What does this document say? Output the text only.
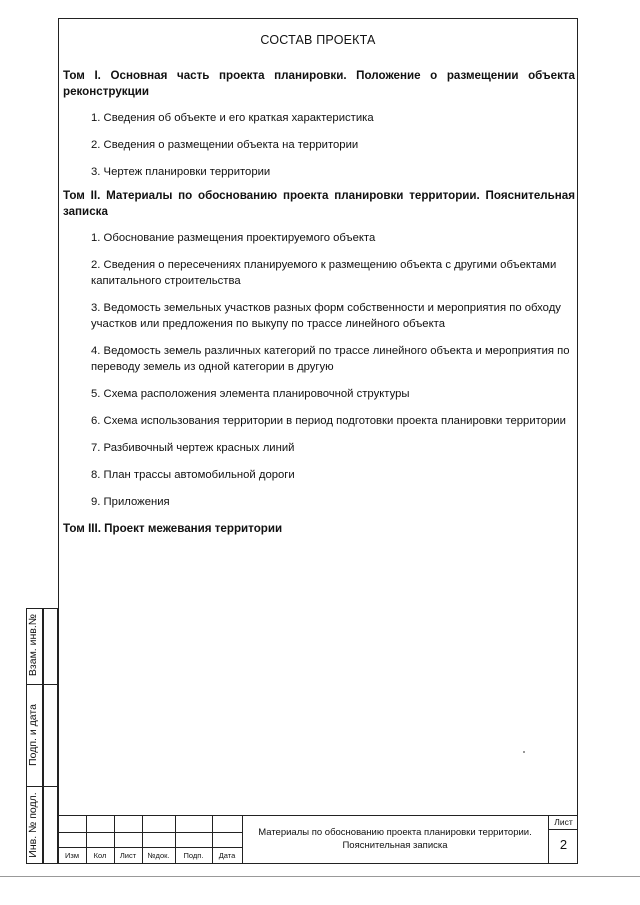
СОСТАВ ПРОЕКТА
Том I. Основная часть проекта планировки. Положение о размещении объекта реконструкции
1. Сведения об объекте и его краткая характеристика
2. Сведения о размещении объекта на территории
3. Чертеж планировки территории
Том II. Материалы по обоснованию проекта планировки территории. Пояснительная записка
1. Обоснование размещения проектируемого объекта
2. Сведения о пересечениях планируемого к размещению объекта с другими объектами капитального строительства
3. Ведомость земельных участков разных форм собственности и мероприятия по обходу участков или предложения по выкупу по трассе линейного объекта
4. Ведомость земель различных категорий по трассе линейного объекта и мероприятия по переводу земель из одной категории в другую
5. Схема расположения элемента планировочной структуры
6. Схема использования территории в период подготовки проекта планировки территории
7. Разбивочный чертеж красных линий
8. План трассы автомобильной дороги
9. Приложения
Том III. Проект межевания территории
Взам. инв.№
Подп. и дата
Инв. № подл.	Изм	Кол	Лист	№док.	Подп.	Дата
Материалы по обоснованию проекта планировки территории.
Пояснительная записка
Лист
2
